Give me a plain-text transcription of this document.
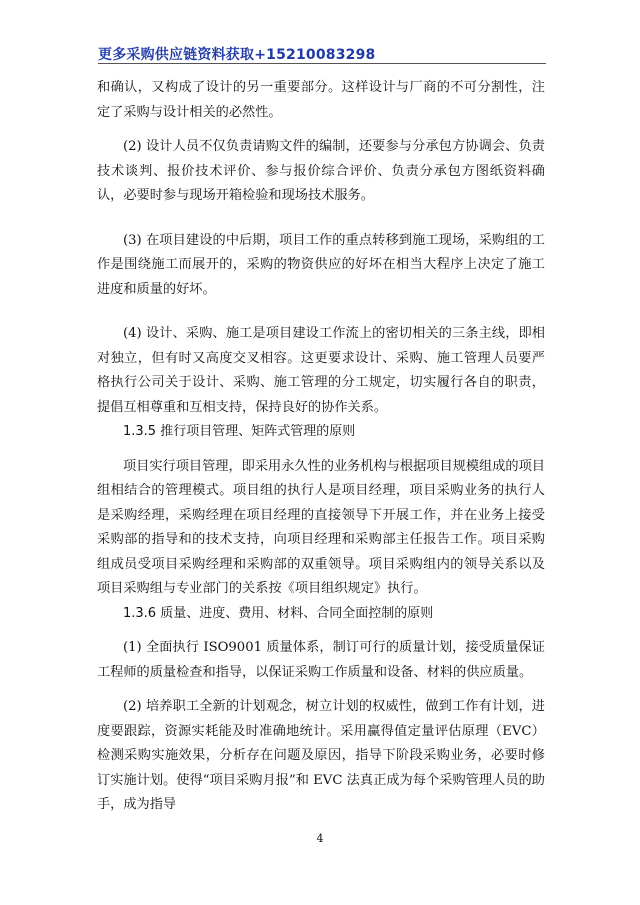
更多采购供应链资料获取+15210083298

和确认，又构成了设计的另一重要部分。这样设计与厂商的不可分割性，注定了采购与设计相关的必然性。

(2) 设计人员不仅负责请购文件的编制，还要参与分承包方协调会、负责技术谈判、报价技术评价、参与报价综合评价、负责分承包方图纸资料确认，必要时参与现场开箱检验和现场技术服务。

(3) 在项目建设的中后期，项目工作的重点转移到施工现场，采购组的工作是围绕施工而展开的，采购的物资供应的好坏在相当大程序上决定了施工进度和质量的好坏。

(4) 设计、采购、施工是项目建设工作流上的密切相关的三条主线，即相对独立，但有时又高度交叉相容。这更要求设计、采购、施工管理人员要严格执行公司关于设计、采购、施工管理的分工规定，切实履行各自的职责，提倡互相尊重和互相支持，保持良好的协作关系。

1.3.5 推行项目管理、矩阵式管理的原则

项目实行项目管理，即采用永久性的业务机构与根据项目规模组成的项目组相结合的管理模式。项目组的执行人是项目经理，项目采购业务的执行人是采购经理，采购经理在项目经理的直接领导下开展工作，并在业务上接受采购部的指导和的技术支持，向项目经理和采购部主任报告工作。项目采购组成员受项目采购经理和采购部的双重领导。项目采购组内的领导关系以及项目采购组与专业部门的关系按《项目组织规定》执行。

1.3.6 质量、进度、费用、材料、合同全面控制的原则

(1) 全面执行 ISO9001 质量体系，制订可行的质量计划，接受质量保证工程师的质量检查和指导，以保证采购工作质量和设备、材料的供应质量。

(2) 培养职工全新的计划观念，树立计划的权威性，做到工作有计划，进度要跟踪，资源实耗能及时准确地统计。采用赢得值定量评估原理（EVC）检测采购实施效果，分析存在问题及原因，指导下阶段采购业务，必要时修订实施计划。使得“项目采购月报”和 EVC 法真正成为每个采购管理人员的助手，成为指导

4
